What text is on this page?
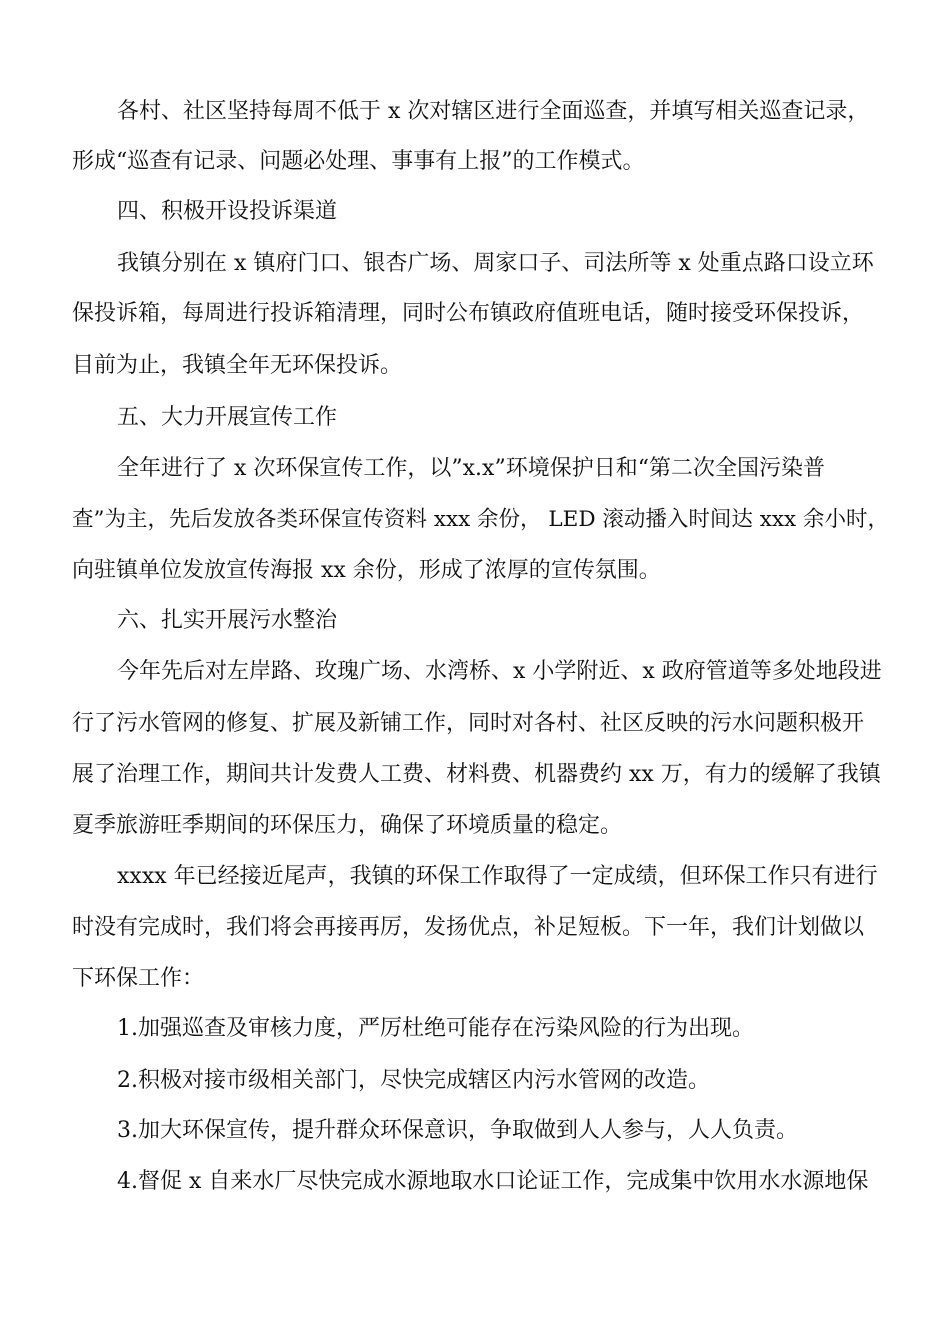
各村、社区坚持每周不低于 x 次对辖区进行全面巡查，并填写相关巡查记录，
形成“巡查有记录、问题必处理、事事有上报”的工作模式。
四、积极开设投诉渠道
我镇分别在 x 镇府门口、银杏广场、周家口子、司法所等 x 处重点路口设立环
保投诉箱，每周进行投诉箱清理，同时公布镇政府值班电话，随时接受环保投诉，
目前为止，我镇全年无环保投诉。
五、大力开展宣传工作
全年进行了 x 次环保宣传工作，以”x.x”环境保护日和“第二次全国污染普
查”为主，先后发放各类环保宣传资料 xxx 余份， LED 滚动播入时间达 xxx 余小时，
向驻镇单位发放宣传海报 xx 余份，形成了浓厚的宣传氛围。
六、扎实开展污水整治
今年先后对左岸路、玫瑰广场、水湾桥、x 小学附近、x 政府管道等多处地段进
行了污水管网的修复、扩展及新铺工作，同时对各村、社区反映的污水问题积极开
展了治理工作，期间共计发费人工费、材料费、机器费约 xx 万，有力的缓解了我镇
夏季旅游旺季期间的环保压力，确保了环境质量的稳定。
xxxx 年已经接近尾声，我镇的环保工作取得了一定成绩，但环保工作只有进行
时没有完成时，我们将会再接再厉，发扬优点，补足短板。下一年，我们计划做以
下环保工作：
1.加强巡查及审核力度，严厉杜绝可能存在污染风险的行为出现。
2.积极对接市级相关部门，尽快完成辖区内污水管网的改造。
3.加大环保宣传，提升群众环保意识，争取做到人人参与，人人负责。
4.督促 x 自来水厂尽快完成水源地取水口论证工作，完成集中饮用水水源地保
